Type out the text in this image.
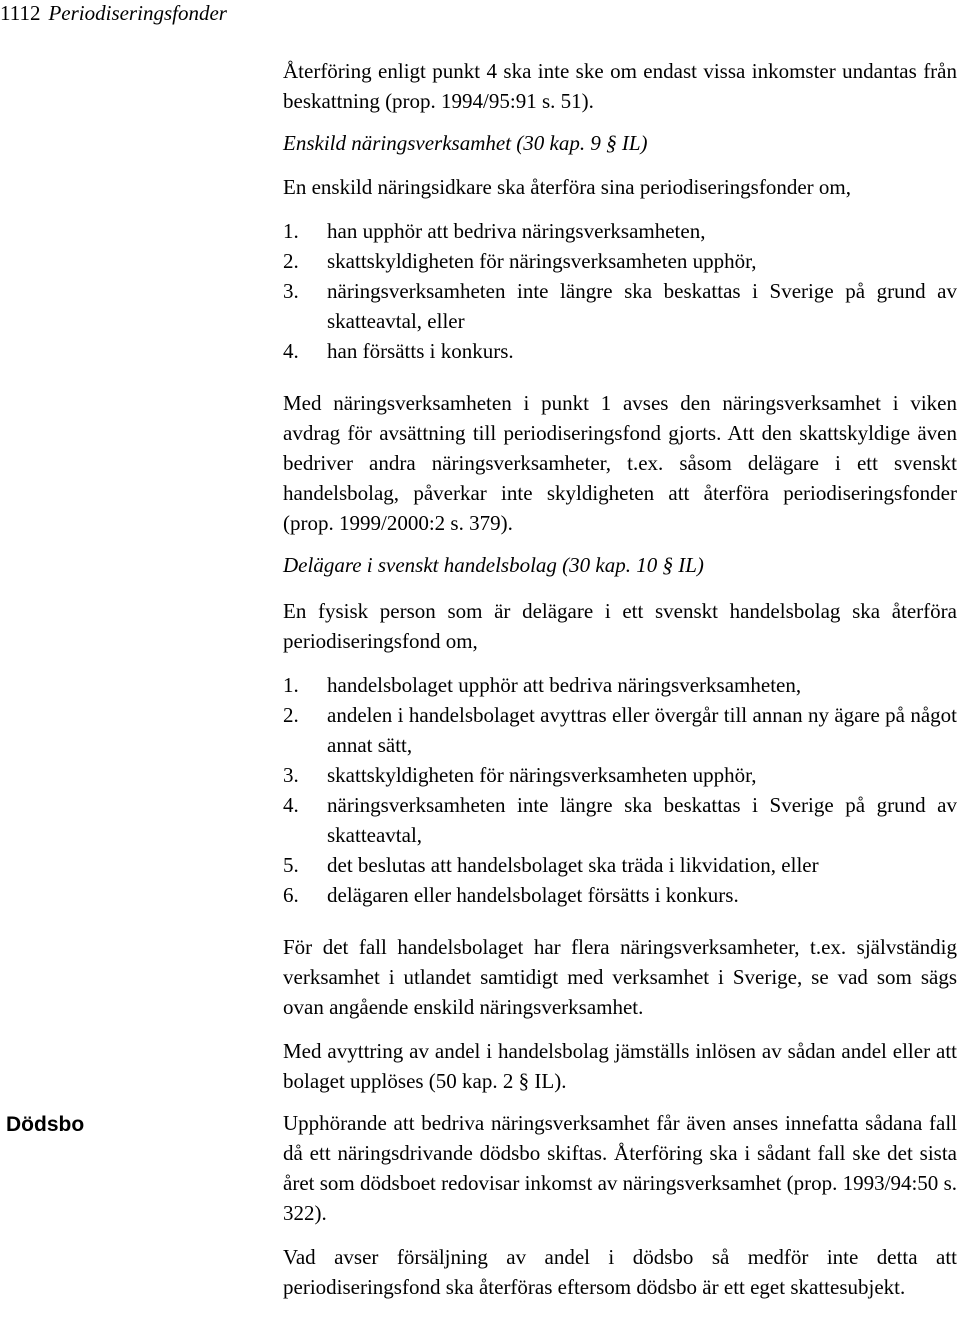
1112 Periodiseringsfonder

Återföring enligt punkt 4 ska inte ske om endast vissa inkomster undantas från beskattning (prop. 1994/95:91 s. 51).

Enskild näringsverksamhet (30 kap. 9 § IL)

En enskild näringsidkare ska återföra sina periodiseringsfonder om,

1. han upphör att bedriva näringsverksamheten,
2. skattskyldigheten för näringsverksamheten upphör,
3. näringsverksamheten inte längre ska beskattas i Sverige på grund av skatteavtal, eller
4. han försätts i konkurs.

Med näringsverksamheten i punkt 1 avses den näringsverksamhet i viken avdrag för avsättning till periodiseringsfond gjorts. Att den skattskyldige även bedriver andra näringsverksamheter, t.ex. såsom delägare i ett svenskt handelsbolag, påverkar inte skyldigheten att återföra periodiseringsfonder (prop. 1999/2000:2 s. 379).

Delägare i svenskt handelsbolag (30 kap. 10 § IL)

En fysisk person som är delägare i ett svenskt handelsbolag ska återföra periodiseringsfond om,

1. handelsbolaget upphör att bedriva näringsverksamheten,
2. andelen i handelsbolaget avyttras eller övergår till annan ny ägare på något annat sätt,
3. skattskyldigheten för näringsverksamheten upphör,
4. näringsverksamheten inte längre ska beskattas i Sverige på grund av skatteavtal,
5. det beslutas att handelsbolaget ska träda i likvidation, eller
6. delägaren eller handelsbolaget försätts i konkurs.

För det fall handelsbolaget har flera näringsverksamheter, t.ex. självständig verksamhet i utlandet samtidigt med verksamhet i Sverige, se vad som sägs ovan angående enskild näringsverksamhet.

Med avyttring av andel i handelsbolag jämställs inlösen av sådan andel eller att bolaget upplöses (50 kap. 2 § IL).

Dödsbo	Upphörande att bedriva näringsverksamhet får även anses innefatta sådana fall då ett näringsdrivande dödsbo skiftas. Återföring ska i sådant fall ske det sista året som dödsboet redovisar inkomst av näringsverksamhet (prop. 1993/94:50 s. 322).

Vad avser försäljning av andel i dödsbo så medför inte detta att periodiseringsfond ska återföras eftersom dödsbo är ett eget skattesubjekt.
